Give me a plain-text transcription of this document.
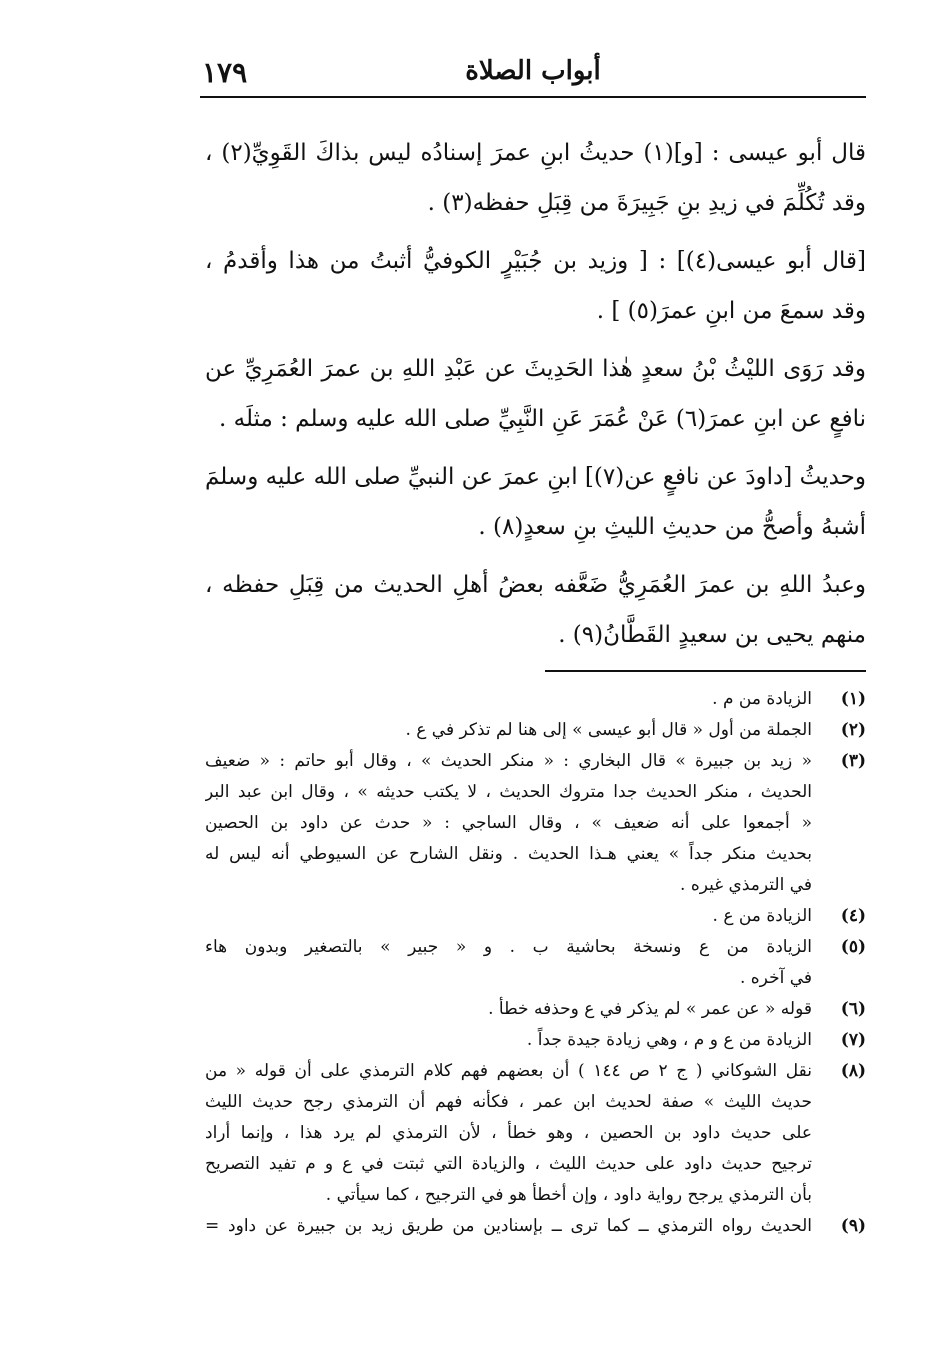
أبواب الصلاة
١٧٩
قال أبو عيسى : [و](١) حديثُ ابنِ عمرَ إسنادُه ليس بذاكَ القَوِيِّ(٢) ،
وقد تُكُلِّمَ في زيدِ بنِ جَبِيرَةَ من قِبَلِ حفظه(٣) .
[قال أبو عيسى(٤)] : [ وزيد بن جُبَيْرٍ الكوفيُّ أثبتُ من هذا وأقدمُ ،
وقد سمعَ من ابنِ عمرَ(٥) ] .
وقد رَوَى الليْثُ بْنُ سعدٍ هٰذا الحَدِيثَ عن عَبْدِ اللهِ بن عمرَ العُمَرِيِّ عن
نافعٍ عن ابنِ عمرَ(٦) عَنْ عُمَرَ عَنِ النَّبِيِّ صلى الله عليه وسلم : مثلَه .
وحديثُ [داودَ عن نافعٍ عن(٧)] ابنِ عمرَ عن النبيِّ صلى الله عليه وسلمَ
أشبهُ وأصحُّ من حديثِ الليثِ بنِ سعدٍ(٨) .
وعبدُ اللهِ بن عمرَ العُمَرِيُّ ضَعَّفه بعضُ أهلِ الحديث من قِبَلِ حفظه ،
منهم يحيى بن سعيدٍ القَطَّانُ(٩) .
(١)
الزيادة من م .
(٢)
الجملة من أول « قال أبو عيسى » إلى هنا لم تذكر في ع .
(٣)
« زيد بن جبيرة » قال البخاري : « منكر الحديث » ، وقال أبو حاتم : « ضعيف
الحديث ، منكر الحديث جدا متروك الحديث ، لا يكتب حديثه » ، وقال ابن عبد البر
« أجمعوا على أنه ضعيف » ، وقال الساجي : « حدث عن داود بن الحصين
بحديث منكر جداً » يعني هـذا الحديث . ونقل الشارح عن السيوطي أنه ليس له
في الترمذي غيره .
(٤)
الزيادة من ع .
(٥)
الزيادة من ع ونسخة بحاشية ب . و « جبير » بالتصغير وبدون هاء
في آخره .
(٦)
قوله « عن عمر » لم يذكر في ع وحذفه خطأ .
(٧)
الزيادة من ع و م ، وهي زيادة جيدة جداً .
(٨)
نقل الشوكاني ( ج ٢ ص ١٤٤ ) أن بعضهم فهم كلام الترمذي على أن قوله « من
حديث الليث » صفة لحديث ابن عمر ، فكأنه فهم أن الترمذي رجح حديث الليث
على حديث داود بن الحصين ، وهو خطأ ، لأن الترمذي لم يرد هذا ، وإنما أراد
ترجيح حديث داود على حديث الليث ، والزيادة التي ثبتت في ع و م تفيد التصريح
بأن الترمذي يرجح رواية داود ، وإن أخطأ هو في الترجيح ، كما سيأتي .
(٩)
الحديث رواه الترمذي ــ كما ترى ــ بإسنادين من طريق زيد بن جبيرة عن داود =
